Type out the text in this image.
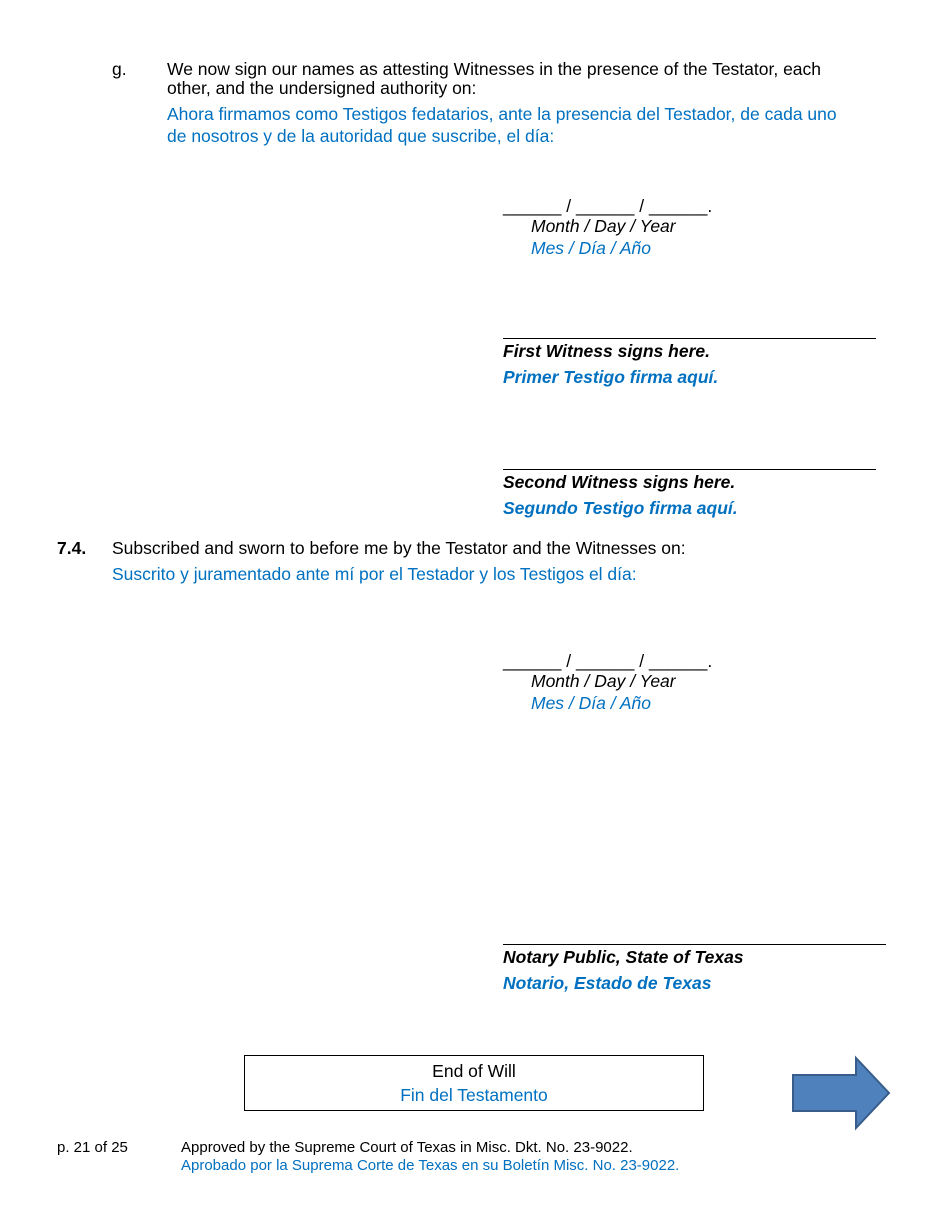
g. We now sign our names as attesting Witnesses in the presence of the Testator, each

other, and the undersigned authority on:

Ahora firmamos como Testigos fedatarios, ante la presencia del Testador, de cada uno

de nosotros y de la autoridad que suscribe, el día:

______ / ______ / ______.

Month / Day / Year

Mes / Día / Año

First Witness signs here.

Primer Testigo firma aquí.

Second Witness signs here.

Segundo Testigo firma aquí.

7.4. Subscribed and sworn to before me by the Testator and the Witnesses on:

Suscrito y juramentado ante mí por el Testador y los Testigos el día:

______ / ______ / ______.

Month / Day / Year

Mes / Día / Año

Notary Public, State of Texas

Notario, Estado de Texas

End of Will
Fin del Testamento

p. 21 of 25	Approved by the Supreme Court of Texas in Misc. Dkt. No. 23-9022.

Aprobado por la Suprema Corte de Texas en su Boletín Misc. No. 23-9022.
